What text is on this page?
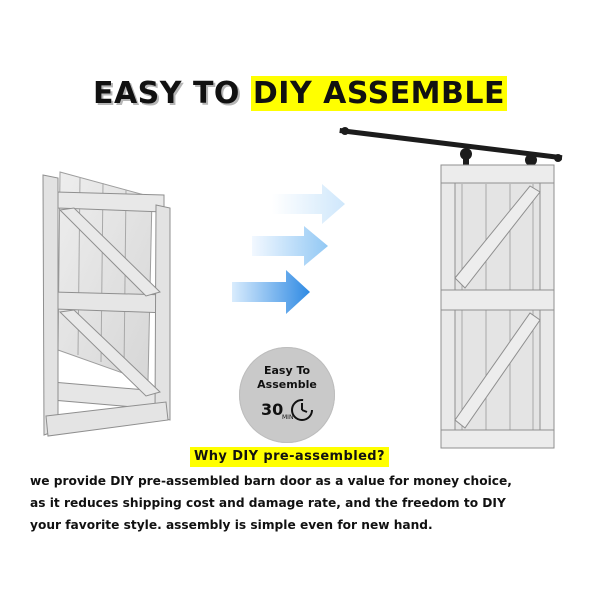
EASY TO DIY ASSEMBLE
Easy To
Assemble
30
MIN
Why DIY pre-assembled?
we provide DIY pre-assembled barn door as a value for money choice,
as it reduces shipping cost and damage rate, and the freedom to DIY
your favorite style. assembly is simple even for new hand.
